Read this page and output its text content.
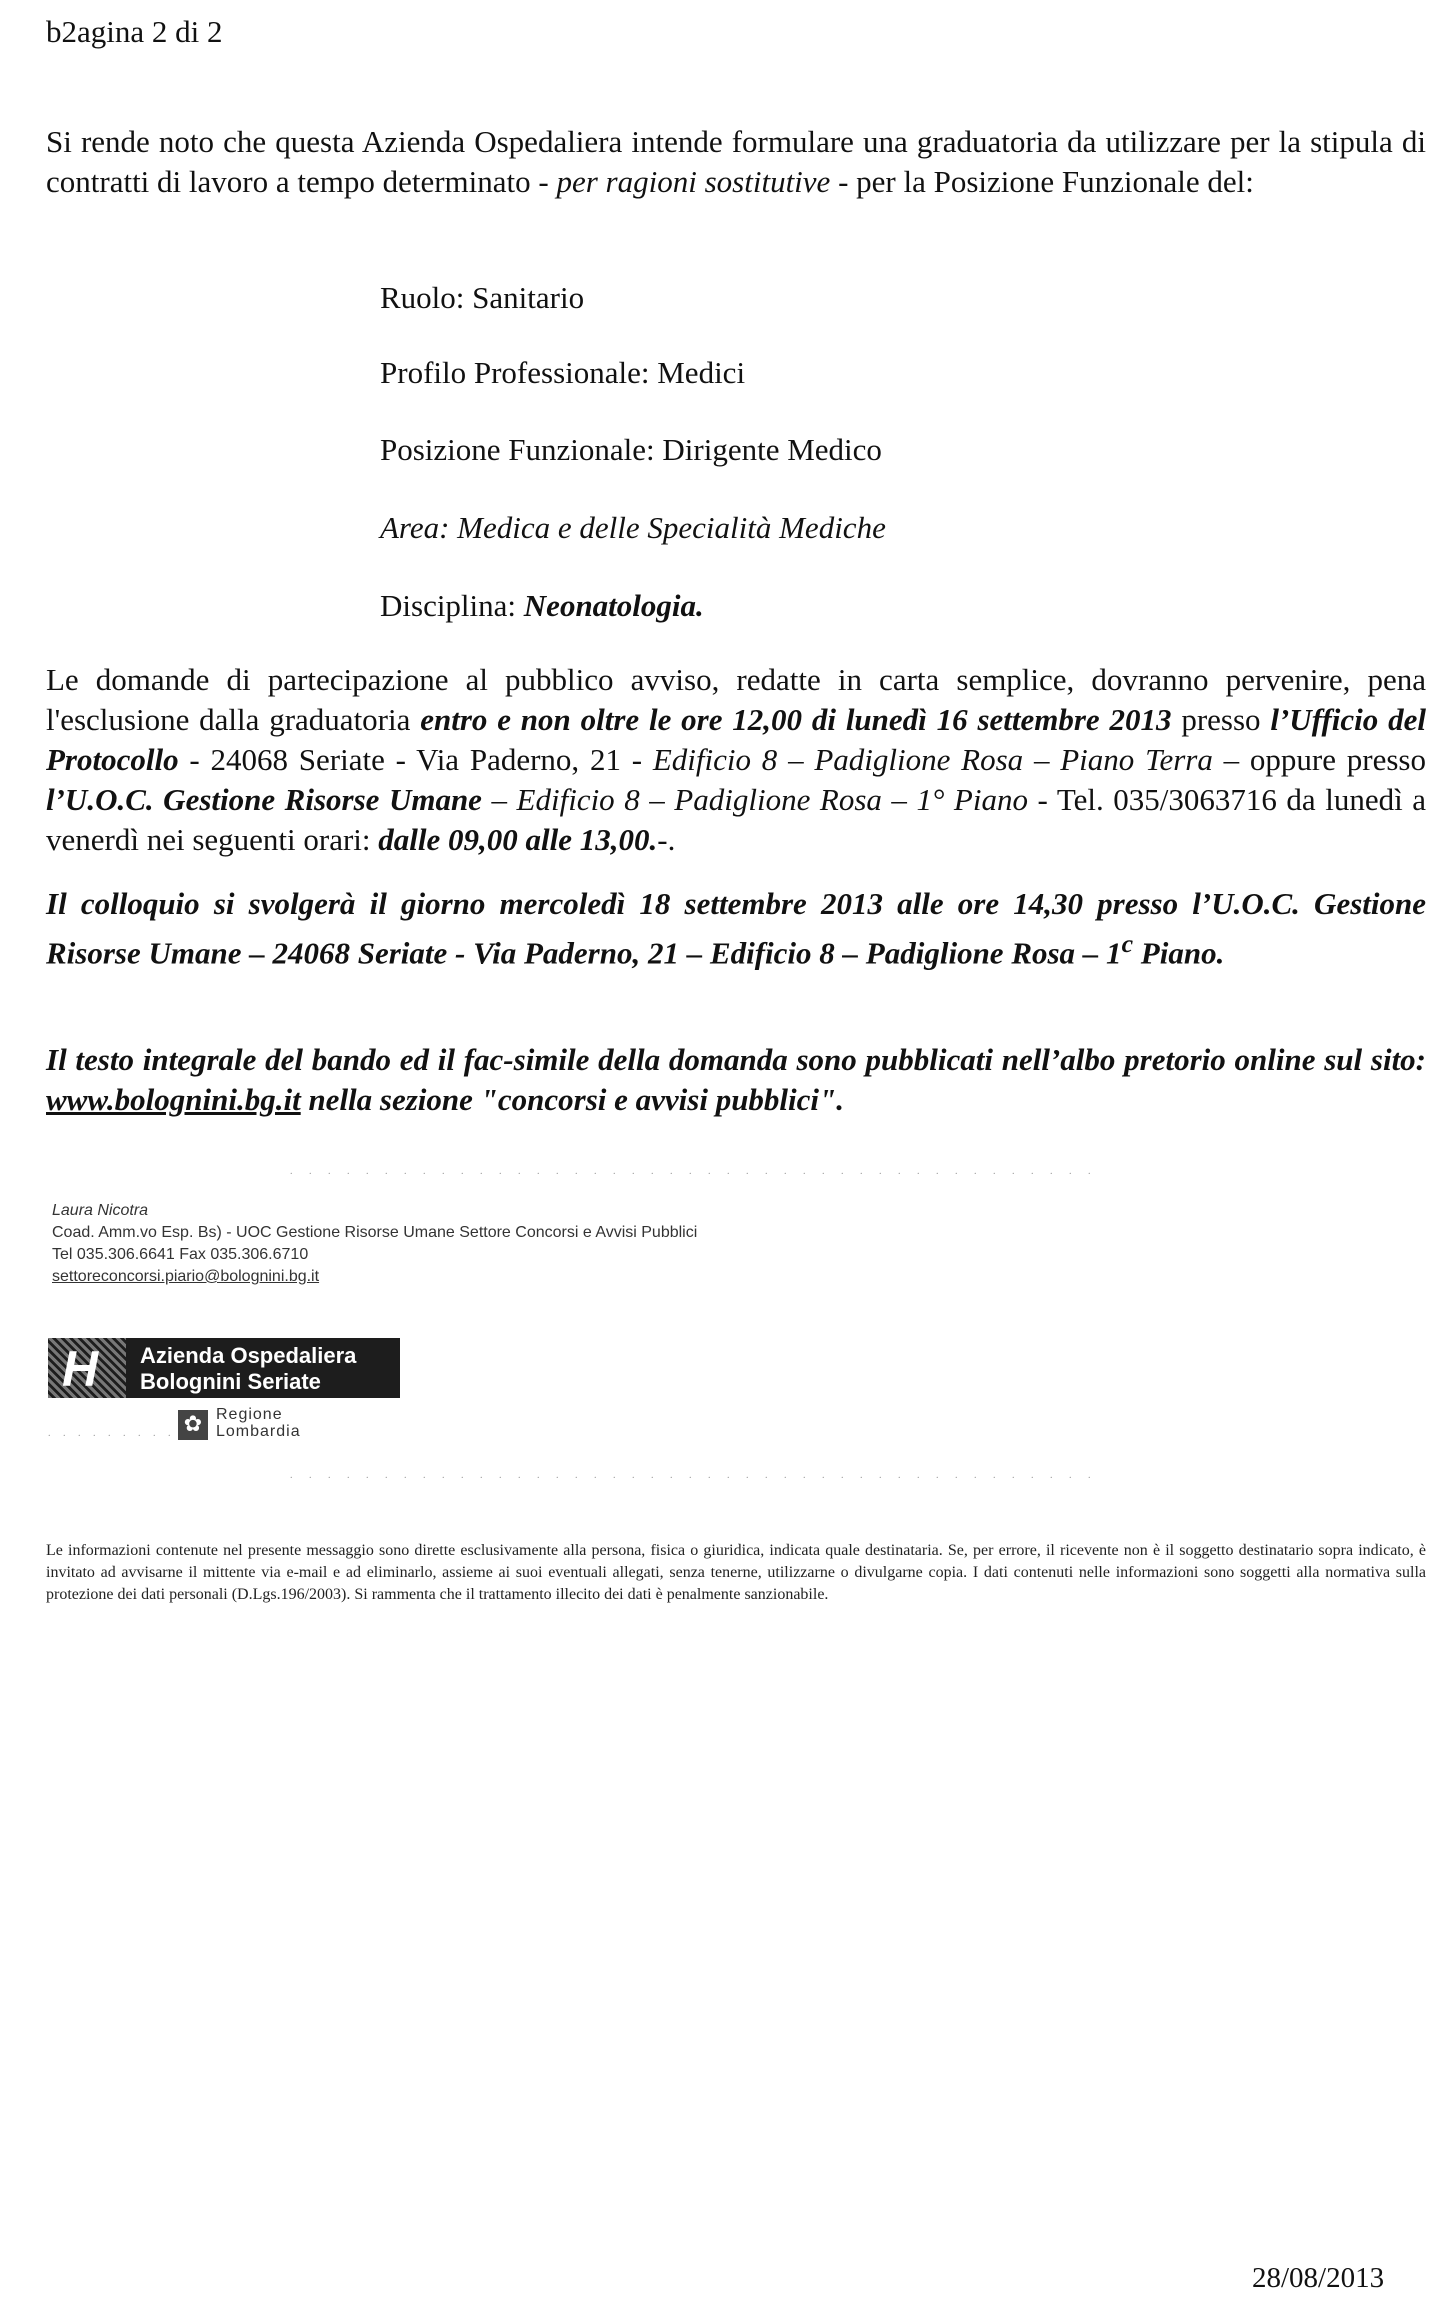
b2agina 2 di 2
Si rende noto che questa Azienda Ospedaliera intende formulare una graduatoria da utilizzare per la stipula di contratti di lavoro a tempo determinato - per ragioni sostitutive - per la Posizione Funzionale del:
Ruolo: Sanitario
Profilo Professionale: Medici
Posizione Funzionale: Dirigente Medico
Area: Medica e delle Specialità Mediche
Disciplina: Neonatologia.
Le domande di partecipazione al pubblico avviso, redatte in carta semplice, dovranno pervenire, pena l'esclusione dalla graduatoria entro e non oltre le ore 12,00 di lunedì 16 settembre 2013 presso l’Ufficio del Protocollo - 24068 Seriate - Via Paderno, 21 - Edificio 8 – Padiglione Rosa – Piano Terra – oppure presso l’U.O.C. Gestione Risorse Umane – Edificio 8 – Padiglione Rosa – 1° Piano - Tel. 035/3063716 da lunedì a venerdì nei seguenti orari: dalle 09,00 alle 13,00.-.
Il colloquio si svolgerà il giorno mercoledì 18 settembre 2013 alle ore 14,30 presso l’U.O.C. Gestione Risorse Umane – 24068 Seriate - Via Paderno, 21 – Edificio 8 – Padiglione Rosa – 1$^c$ Piano.
Il testo integrale del bando ed il fac-simile della domanda sono pubblicati nell’albo pretorio online sul sito: www.bolognini.bg.it nella sezione "concorsi e avvisi pubblici".
. . . . . . . . . . . . . . . . . . . . . . . . . . . . . . . . . . . . . . . . . . .
Laura Nicotra
Coad. Amm.vo Esp. Bs) - UOC Gestione Risorse Umane Settore Concorsi e Avvisi Pubblici
Tel 035.306.6641 Fax 035.306.6710
settoreconcorsi.piario@bolognini.bg.it
H Azienda Ospedaliera
Bolognini Seriate
. . . . . . . . . ✿ Regione
Lombardia
. . . . . . . . . . . . . . . . . . . . . . . . . . . . . . . . . . . . . . . . . . .
Le informazioni contenute nel presente messaggio sono dirette esclusivamente alla persona, fisica o giuridica, indicata quale destinataria. Se, per errore, il ricevente non è il soggetto destinatario sopra indicato, è invitato ad avvisarne il mittente via e-mail e ad eliminarlo, assieme ai suoi eventuali allegati, senza tenerne, utilizzarne o divulgarne copia. I dati contenuti nelle informazioni sono soggetti alla normativa sulla protezione dei dati personali (D.Lgs.196/2003). Si rammenta che il trattamento illecito dei dati è penalmente sanzionabile.
28/08/2013
